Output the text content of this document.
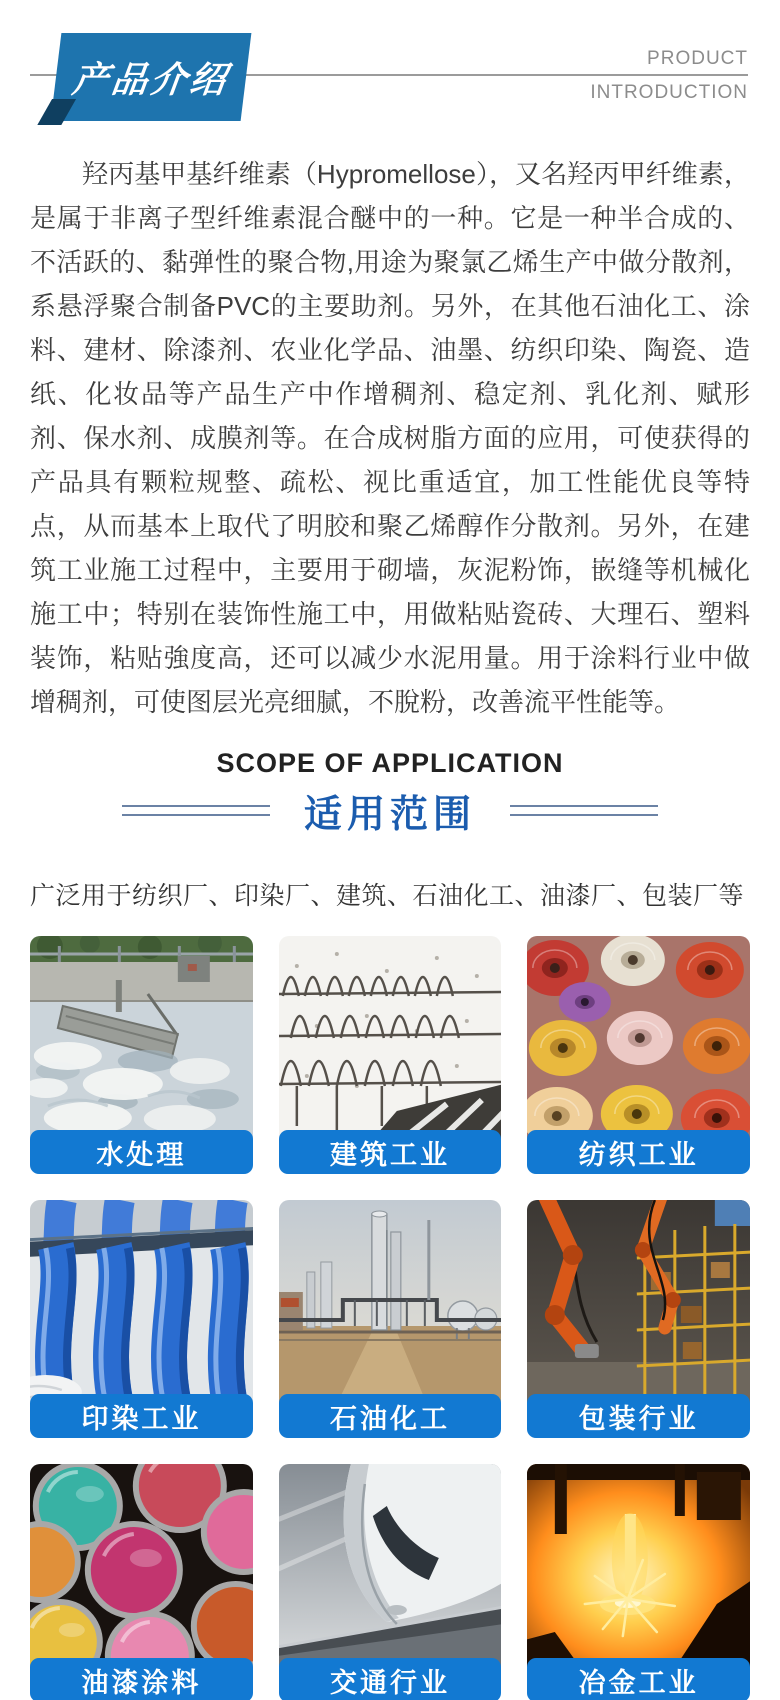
产品介绍	PRODUCT
INTRODUCTION

羟丙基甲基纤维素（Hypromellose），又名羟丙甲纤维素，是属于非离子型纤维素混合醚中的一种。它是一种半合成的、不活跃的、黏弹性的聚合物,用途为聚氯乙烯生产中做分散剂，系悬浮聚合制备PVC的主要助剂。另外，在其他石油化工、涂料、建材、除漆剂、农业化学品、油墨、纺织印染、陶瓷、造纸、化妆品等产品生产中作增稠剂、稳定剂、乳化剂、赋形剂、保水剂、成膜剂等。在合成树脂方面的应用，可使获得的产品具有颗粒规整、疏松、视比重适宜，加工性能优良等特点，从而基本上取代了明胶和聚乙烯醇作分散剂。另外，在建筑工业施工过程中，主要用于砌墙，灰泥粉饰，嵌缝等机械化施工中；特别在装饰性施工中，用做粘贴瓷砖、大理石、塑料装饰，粘贴強度高，还可以减少水泥用量。用于涂料行业中做增稠剂，可使图层光亮细腻，不脫粉，改善流平性能等。

SCOPE OF APPLICATION
适用范围
广泛用于纺织厂、印染厂、建筑、石油化工、油漆厂、包装厂等
水处理	建筑工业	纺织工业
印染工业	石油化工	包装行业
油漆涂料	交通行业	冶金工业
